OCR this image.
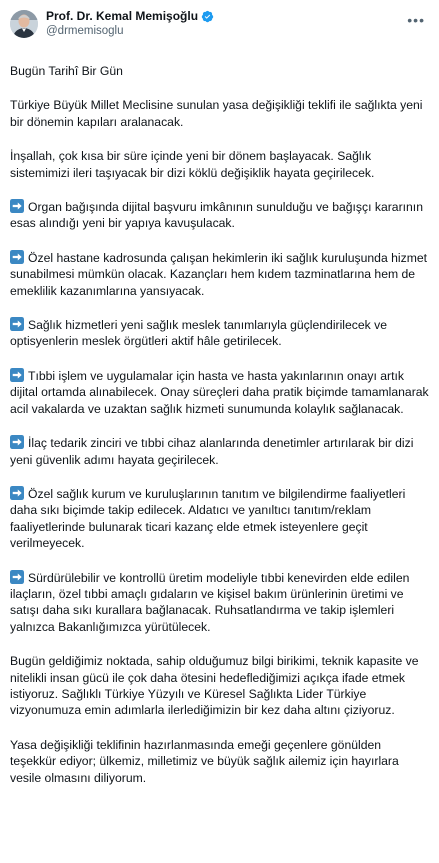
Prof. Dr. Kemal Memişoğlu
@drmemisoglu
•••

Bugün Tarihî Bir Gün

Türkiye Büyük Millet Meclisine sunulan yasa değişikliği teklifi ile sağlıkta yeni bir dönemin kapıları aralanacak.

İnşallah, çok kısa bir süre içinde yeni bir dönem başlayacak. Sağlık sistemimizi ileri taşıyacak bir dizi köklü değişiklik hayata geçirilecek.

Organ bağışında dijital başvuru imkânının sunulduğu ve bağışçı kararının esas alındığı yeni bir yapıya kavuşulacak.

Özel hastane kadrosunda çalışan hekimlerin iki sağlık kuruluşunda hizmet sunabilmesi mümkün olacak. Kazançları hem kıdem tazminatlarına hem de emeklilik kazanımlarına yansıyacak.

Sağlık hizmetleri yeni sağlık meslek tanımlarıyla güçlendirilecek ve optisyenlerin meslek örgütleri aktif hâle getirilecek.

Tıbbi işlem ve uygulamalar için hasta ve hasta yakınlarının onayı artık dijital ortamda alınabilecek. Onay süreçleri daha pratik biçimde tamamlanarak acil vakalarda ve uzaktan sağlık hizmeti sunumunda kolaylık sağlanacak.

İlaç tedarik zinciri ve tıbbi cihaz alanlarında denetimler artırılarak bir dizi yeni güvenlik adımı hayata geçirilecek.

Özel sağlık kurum ve kuruluşlarının tanıtım ve bilgilendirme faaliyetleri daha sıkı biçimde takip edilecek. Aldatıcı ve yanıltıcı tanıtım/reklam faaliyetlerinde bulunarak ticari kazanç elde etmek isteyenlere geçit verilmeyecek.

Sürdürülebilir ve kontrollü üretim modeliyle tıbbi kenevirden elde edilen ilaçların, özel tıbbi amaçlı gıdaların ve kişisel bakım ürünlerinin üretimi ve satışı daha sıkı kurallara bağlanacak. Ruhsatlandırma ve takip işlemleri yalnızca Bakanlığımızca yürütülecek.

Bugün geldiğimiz noktada, sahip olduğumuz bilgi birikimi, teknik kapasite ve nitelikli insan gücü ile çok daha ötesini hedeflediğimizi açıkça ifade etmek istiyoruz. Sağlıklı Türkiye Yüzyılı ve Küresel Sağlıkta Lider Türkiye vizyonumuza emin adımlarla ilerlediğimizin bir kez daha altını çiziyoruz.

Yasa değişikliği teklifinin hazırlanmasında emeği geçenlere gönülden teşekkür ediyor; ülkemiz, milletimiz ve büyük sağlık ailemiz için hayırlara vesile olmasını diliyorum.
